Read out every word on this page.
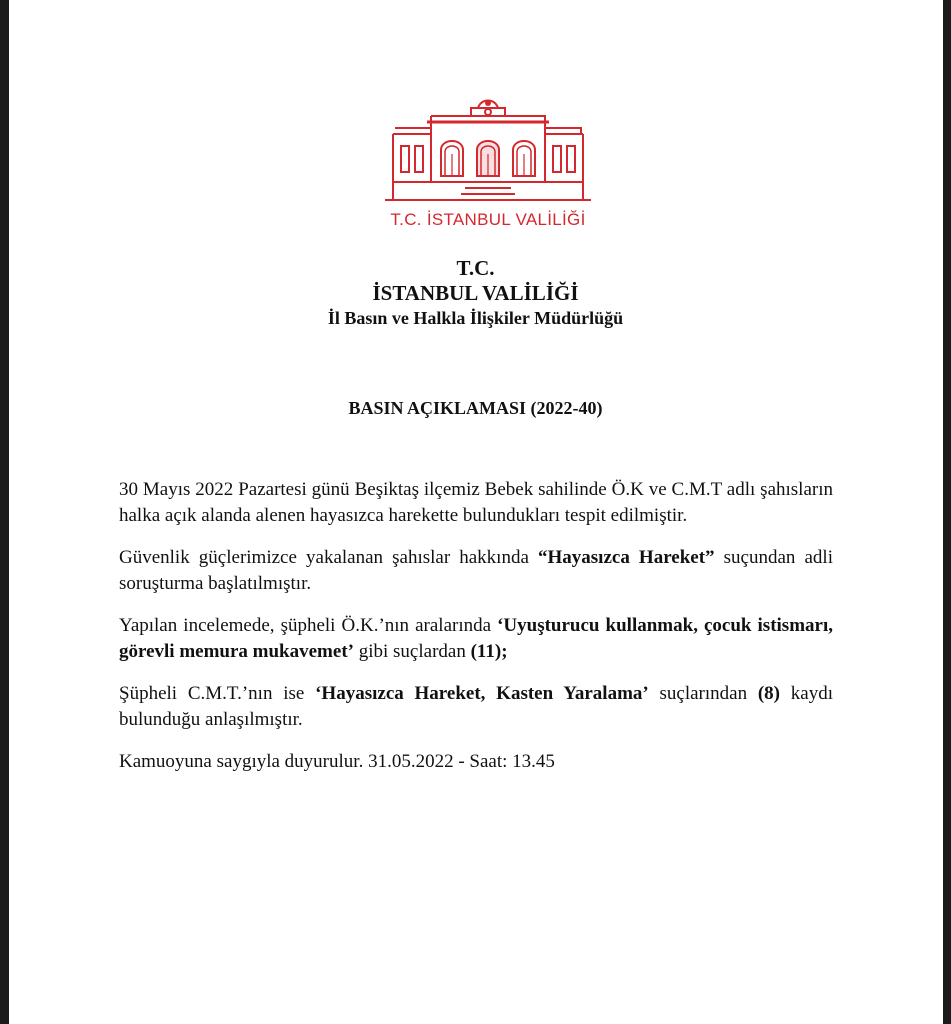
T.C. İSTANBUL VALİLİĞİ
T.C.
İSTANBUL VALİLİĞİ
İl Basın ve Halkla İlişkiler Müdürlüğü
BASIN AÇIKLAMASI (2022-40)

30 Mayıs 2022 Pazartesi günü Beşiktaş ilçemiz Bebek sahilinde Ö.K ve C.M.T adlı şahısların halka açık alanda alenen hayasızca harekette bulundukları tespit edilmiştir.

Güvenlik güçlerimizce yakalanan şahıslar hakkında “Hayasızca Hareket” suçundan adli soruşturma başlatılmıştır.

Yapılan incelemede, şüpheli Ö.K.’nın aralarında ‘Uyuşturucu kullanmak, çocuk istismarı, görevli memura mukavemet’ gibi suçlardan (11);

Şüpheli C.M.T.’nın ise ‘Hayasızca Hareket, Kasten Yaralama’ suçlarından (8) kaydı bulunduğu anlaşılmıştır.

Kamuoyuna saygıyla duyurulur. 31.05.2022 - Saat: 13.45
